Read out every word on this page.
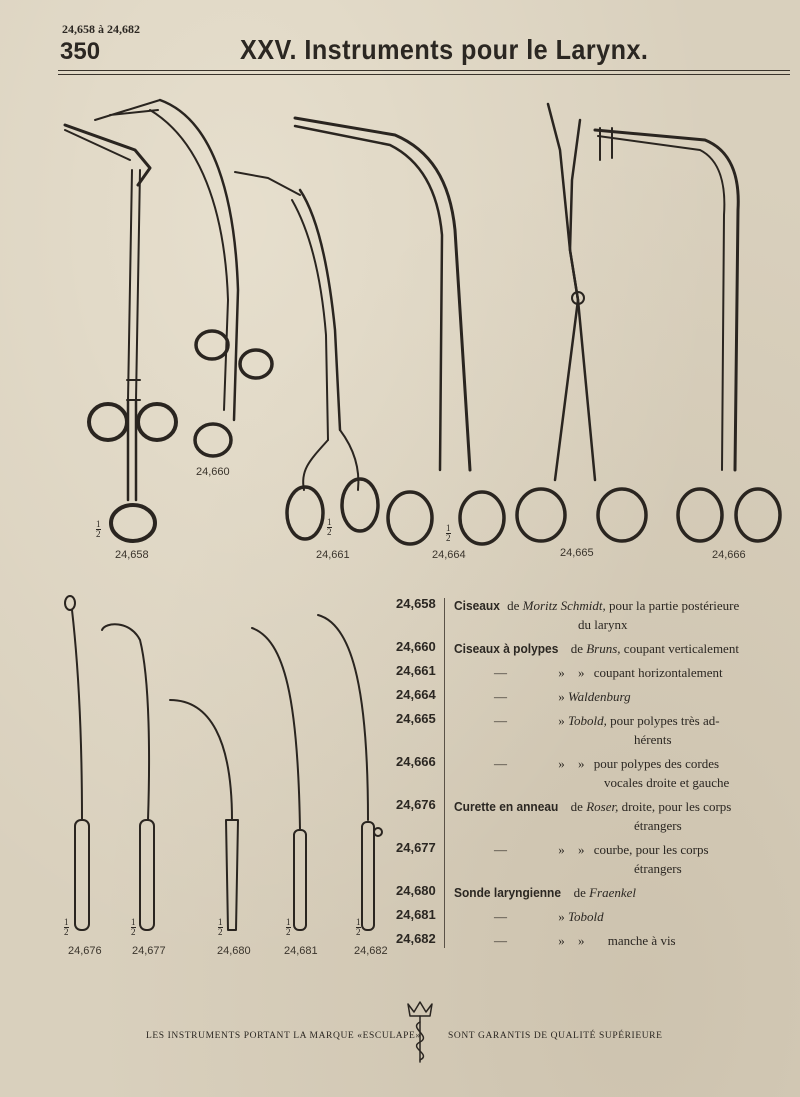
24,658 à 24,682
350	XXV. Instruments pour le Larynx.
24,658
24,660
24,661	24,664	24,665	24,666
24,676	24,677	24,680	24,681	24,682
$\frac{1}{2}$	$\frac{1}{2}$	$\frac{1}{2}$
$\frac{1}{2}$	$\frac{1}{2}$	$\frac{1}{2}$	$\frac{1}{2}$	$\frac{1}{2}$
24,658	Ciseaux de Moritz Schmidt, pour la partie postérieure
du larynx
24,660	Ciseaux à polypes de Bruns, coupant verticalement
24,661	—	» » coupant horizontalement
24,664	—	» Waldenburg
24,665	—	» Tobold, pour polypes très ad-
hérents
24,666	—	» » pour polypes des cordes
vocales droite et gauche
24,676	Curette en anneau de Roser, droite, pour les corps
étrangers
24,677	—	» » courbe, pour les corps
étrangers
24,680	Sonde laryngienne de Fraenkel
24,681	—	» Tobold
24,682	—	» » manche à vis
LES INSTRUMENTS PORTANT LA MARQUE «ESCULAPE»	SONT GARANTIS DE QUALITÉ SUPÉRIEURE
